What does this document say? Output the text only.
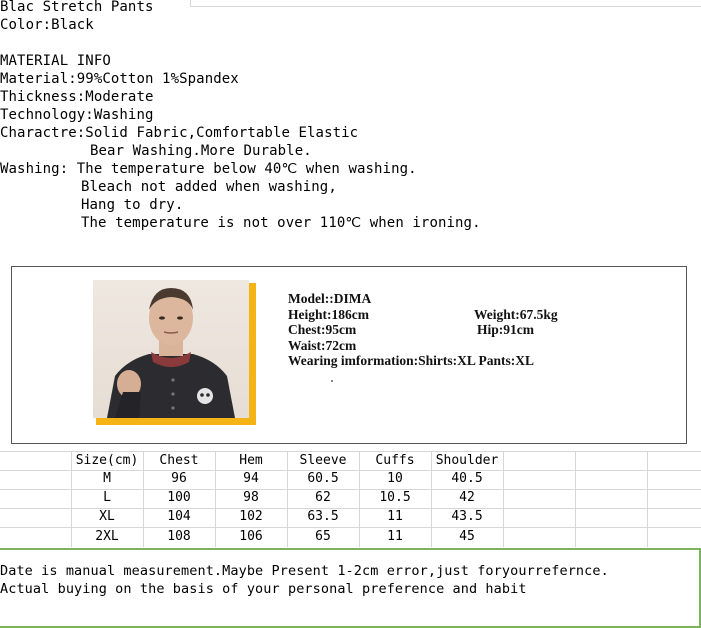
Blac Stretch Pants
Color:Black
MATERIAL INFO
Material:99%Cotton 1%Spandex
Thickness:Moderate
Technology:Washing
Charactre:Solid Fabric,Comfortable Elastic
Bear Washing.More Durable.
Washing: The temperature below 40℃ when washing.
Bleach not added when washing,
Hang to dry.
The temperature is not over 110℃ when ironing.
Model::DIMA
Height:186cm	Weight:67.5kg
Chest:95cm	Hip:91cm
Waist:72cm
Wearing imformation:Shirts:XL Pants:XL
Size(cm)	Chest	Hem	Sleeve	Cuffs	Shoulder
M	96	94	60.5	10	40.5
L	100	98	62	10.5	42
XL	104	102	63.5	11	43.5
2XL	108	106	65	11	45
Date is manual measurement.Maybe Present 1-2cm error,just foryourrefernce.
Actual buying on the basis of your personal preference and habit
